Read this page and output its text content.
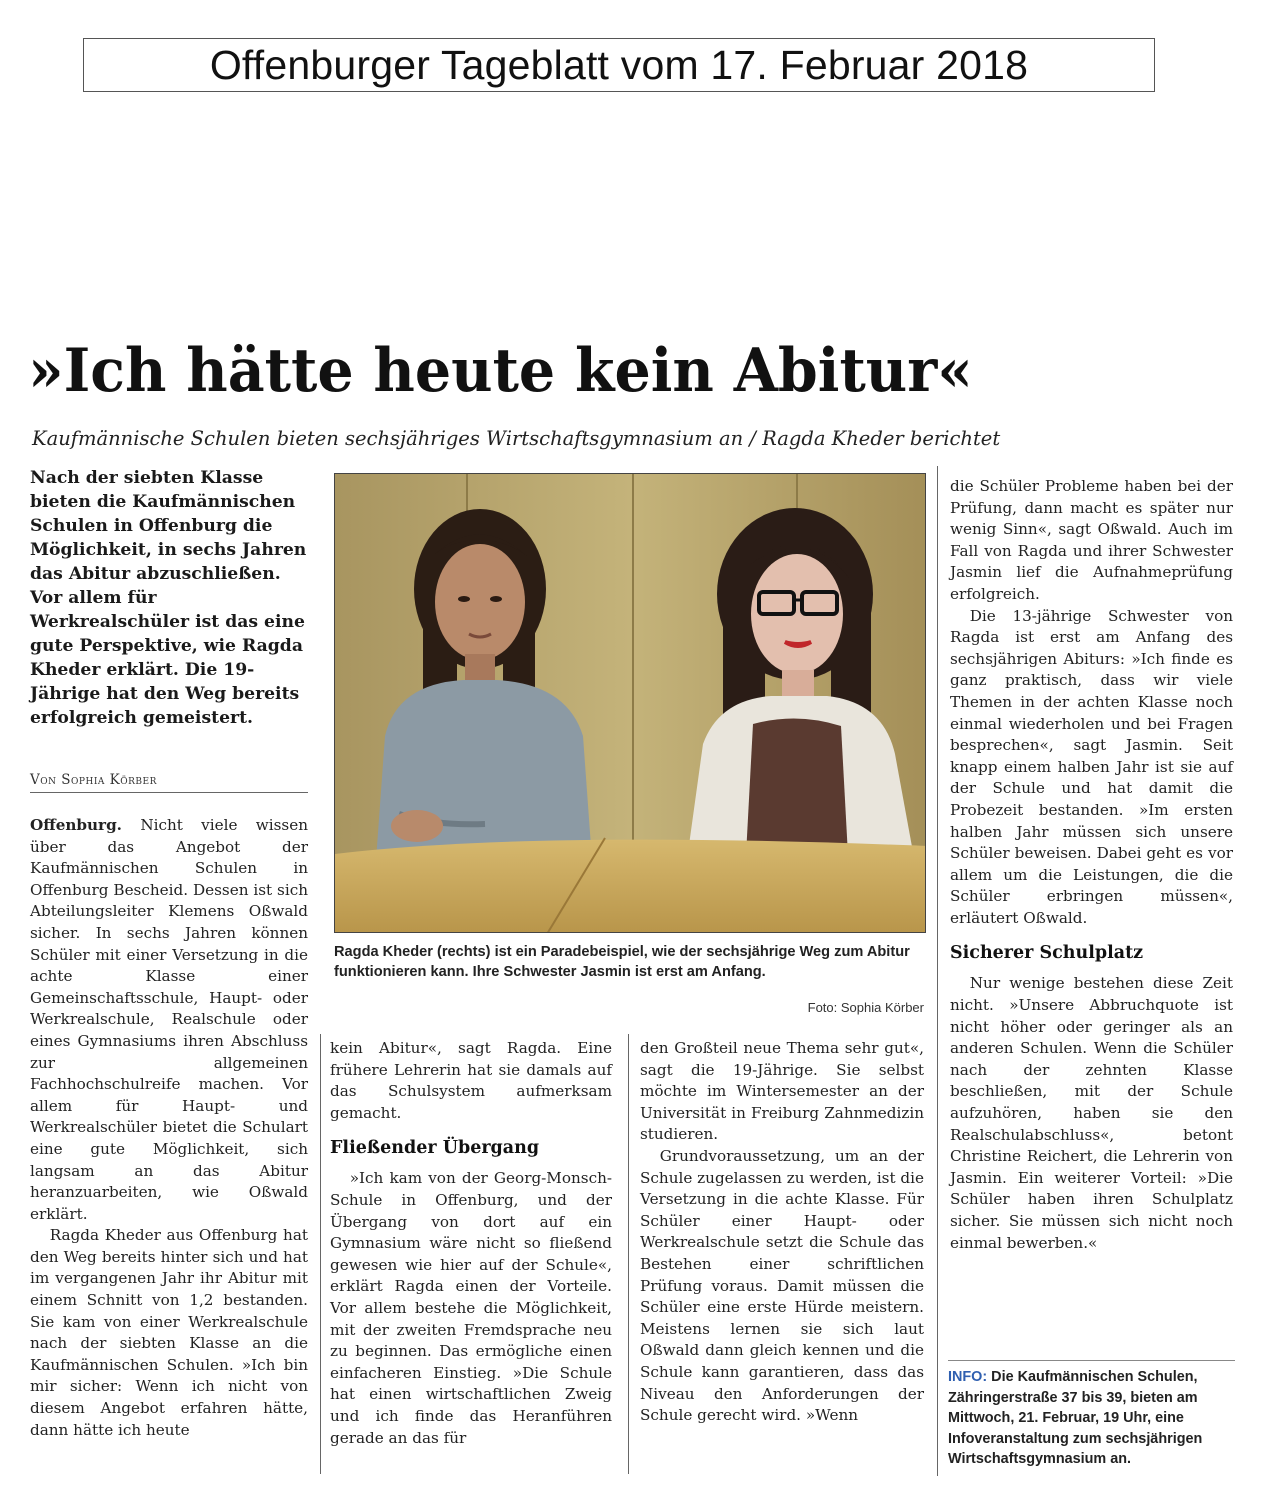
Offenburger Tageblatt vom 17. Februar 2018
»Ich hätte heute kein Abitur«
Kaufmännische Schulen bieten sechsjähriges Wirtschaftsgymnasium an / Ragda Kheder berichtet
Nach der siebten Klasse bieten die Kaufmännischen Schulen in Offenburg die Möglichkeit, in sechs Jahren das Abitur abzuschließen. Vor allem für Werkrealschüler ist das eine gute Perspektive, wie Ragda Kheder erklärt. Die 19-Jährige hat den Weg bereits erfolgreich gemeistert.
Von Sophia Körber

Offenburg. Nicht viele wissen über das Angebot der Kaufmännischen Schulen in Offenburg Bescheid. Dessen ist sich Abteilungsleiter Klemens Oßwald sicher. In sechs Jahren können Schüler mit einer Versetzung in die achte Klasse einer Gemeinschaftsschule, Haupt- oder Werkrealschule, Realschule oder eines Gymnasiums ihren Abschluss zur allgemeinen Fachhochschulreife machen. Vor allem für Haupt- und Werkrealschüler bietet die Schulart eine gute Möglichkeit, sich langsam an das Abitur heranzuarbeiten, wie Oßwald erklärt.

Ragda Kheder aus Offenburg hat den Weg bereits hinter sich und hat im vergangenen Jahr ihr Abitur mit einem Schnitt von 1,2 bestanden. Sie kam von einer Werkrealschule nach der siebten Klasse an die Kaufmännischen Schulen. »Ich bin mir sicher: Wenn ich nicht von diesem Angebot erfahren hätte, dann hätte ich heute

Ragda Kheder (rechts) ist ein Paradebeispiel, wie der sechsjährige Weg zum Abitur funktionieren kann. Ihre Schwester Jasmin ist erst am Anfang.
Foto: Sophia Körber

kein Abitur«, sagt Ragda. Eine frühere Lehrerin hat sie damals auf das Schulsystem aufmerksam gemacht.

Fließender Übergang

»Ich kam von der Georg-Monsch-Schule in Offenburg, und der Übergang von dort auf ein Gymnasium wäre nicht so fließend gewesen wie hier auf der Schule«, erklärt Ragda einen der Vorteile. Vor allem bestehe die Möglichkeit, mit der zweiten Fremdsprache neu zu beginnen. Das ermögliche einen einfacheren Einstieg. »Die Schule hat einen wirtschaftlichen Zweig und ich finde das Heranführen gerade an das für

den Großteil neue Thema sehr gut«, sagt die 19-Jährige. Sie selbst möchte im Wintersemester an der Universität in Freiburg Zahnmedizin studieren.

Grundvoraussetzung, um an der Schule zugelassen zu werden, ist die Versetzung in die achte Klasse. Für Schüler einer Haupt- oder Werkrealschule setzt die Schule das Bestehen einer schriftlichen Prüfung voraus. Damit müssen die Schüler eine erste Hürde meistern. Meistens lernen sie sich laut Oßwald dann gleich kennen und die Schule kann garantieren, dass das Niveau den Anforderungen der Schule gerecht wird. »Wenn

die Schüler Probleme haben bei der Prüfung, dann macht es später nur wenig Sinn«, sagt Oßwald. Auch im Fall von Ragda und ihrer Schwester Jasmin lief die Aufnahmeprüfung erfolgreich.

Die 13-jährige Schwester von Ragda ist erst am Anfang des sechsjährigen Abiturs: »Ich finde es ganz praktisch, dass wir viele Themen in der achten Klasse noch einmal wiederholen und bei Fragen besprechen«, sagt Jasmin. Seit knapp einem halben Jahr ist sie auf der Schule und hat damit die Probezeit bestanden. »Im ersten halben Jahr müssen sich unsere Schüler beweisen. Dabei geht es vor allem um die Leistungen, die die Schüler erbringen müssen«, erläutert Oßwald.

Sicherer Schulplatz

Nur wenige bestehen diese Zeit nicht. »Unsere Abbruchquote ist nicht höher oder geringer als an anderen Schulen. Wenn die Schüler nach der zehnten Klasse beschließen, mit der Schule aufzuhören, haben sie den Realschulabschluss«, betont Christine Reichert, die Lehrerin von Jasmin. Ein weiterer Vorteil: »Die Schüler haben ihren Schulplatz sicher. Sie müssen sich nicht noch einmal bewerben.«

INFO: Die Kaufmännischen Schulen, Zähringerstraße 37 bis 39, bieten am Mittwoch, 21. Februar, 19 Uhr, eine Infoveranstaltung zum sechsjährigen Wirtschaftsgymnasium an.
